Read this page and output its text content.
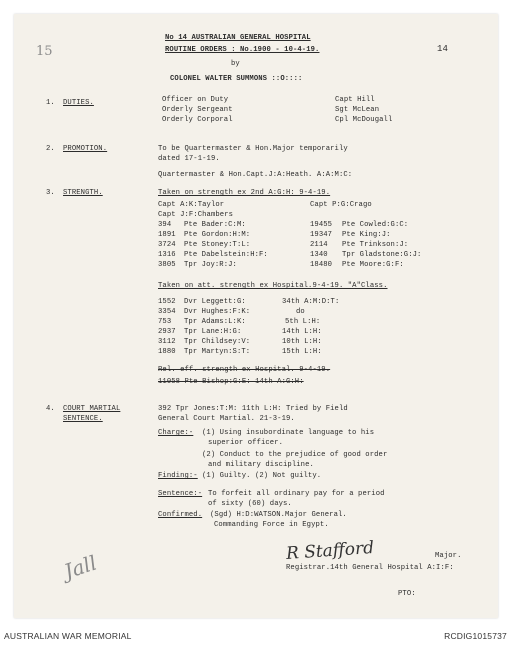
No 14 AUSTRALIAN GENERAL HOSPITAL
ROUTINE ORDERS : No.1900 - 10-4-19.	14
15
by
COLONEL WALTER SUMMONS ::O::::
1. DUTIES.	Officer on Duty	Capt Hill
Orderly Sergeant	Sgt McLean
Orderly Corporal	Cpl McDougall
2. PROMOTION.	To be Quartermaster & Hon.Major temporarily
dated 17-1-19.
Quartermaster & Hon.Capt.J:A:Heath. A:A:M:C:
3. STRENGTH.	Taken on strength ex 2nd A:G:H: 9-4-19.
Capt A:K:Taylor	Capt P:G:Crago
Capt J:F:Chambers
394 Pte Bader:C:M:	19455 Pte Cowled:G:C:
1891 Pte Gordon:H:M:	19347 Pte King:J:
3724 Pte Stoney:T:L:	2114 Pte Trinkson:J:
1316 Pte Dabelstein:H:F:	1340 Tpr Gladstone:G:J:
3805 Tpr Joy:R:J:	18480 Pte Moore:G:F:
Taken on att. strength ex Hospital.9-4-19. "A"Class.
1552 Dvr Leggett:G:	34th A:M:D:T:
3354 Dvr Hughes:F:K:	do
753 Tpr Adams:L:K:	5th L:H:
2937 Tpr Lane:H:G:	14th L:H:
3112 Tpr Childsey:V:	10th L:H:
1880 Tpr Martyn:S:T:	15th L:H:
Rel. eff. strength ex Hospital. 9-4-19.
11058 Pte Bishop:G:E: 14th A:G:H:
4. COURT MARTIAL
SENTENCE.
392 Tpr Jones:T:M: 11th L:H: Tried by Field
General Court Martial. 21-3-19.
Charge:- (1) Using insubordinate language to his
superior officer.
(2) Conduct to the prejudice of good order
and military discipline.
Finding:- (1) Guilty. (2) Not guilty.
Sentence:- To forfeit all ordinary pay for a period
of sixty (60) days.
Confirmed. (Sgd) H:D:WATSON.Major General.
Commanding Force in Egypt.
R Stafford	Major.
Registrar.14th General Hospital A:I:F:
PTO:
Jall
AUSTRALIAN WAR MEMORIAL	RCDIG1015737
